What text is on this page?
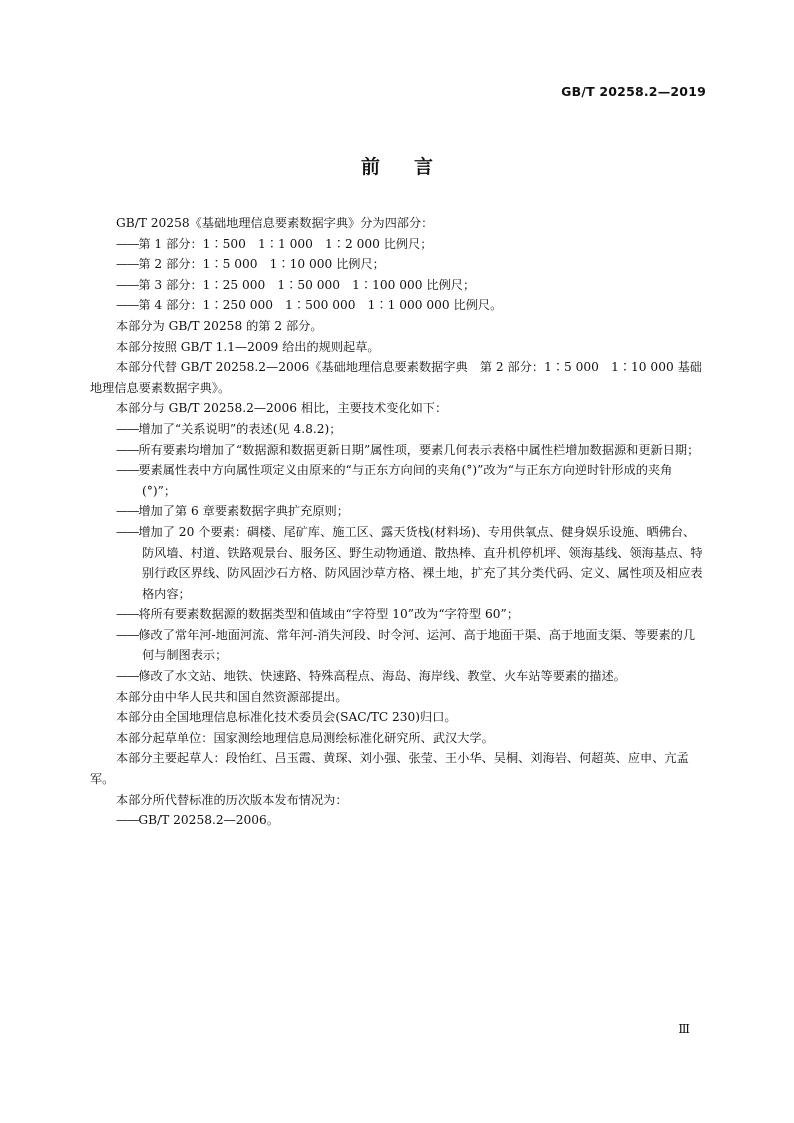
GB/T 20258.2—2019
前言

GB/T 20258《基础地理信息要素数据字典》分为四部分：

—— 第 1 部分：1∶500　1∶1 000　1∶2 000 比例尺；

—— 第 2 部分：1∶5 000　1∶10 000 比例尺；

—— 第 3 部分：1∶25 000　1∶50 000　1∶100 000 比例尺；

—— 第 4 部分：1∶250 000　1∶500 000　1∶1 000 000 比例尺。

本部分为 GB/T 20258 的第 2 部分。

本部分按照 GB/T 1.1—2009 给出的规则起草。

本部分代替 GB/T 20258.2—2006《基础地理信息要素数据字典　第 2 部分：1∶5 000　1∶10 000 基础地理信息要素数据字典》。

本部分与 GB/T 20258.2—2006 相比，主要技术变化如下：

—— 增加了“关系说明”的表述(见 4.8.2)；

—— 所有要素均增加了“数据源和数据更新日期”属性项，要素几何表示表格中属性栏增加数据源和更新日期；

—— 要素属性表中方向属性项定义由原来的“与正东方向间的夹角(°)”改为“与正东方向逆时针形成的夹角(°)”；

—— 增加了第 6 章要素数据字典扩充原则；

—— 增加了 20 个要素：碉楼、尾矿库、施工区、露天货栈(材料场)、专用供氧点、健身娱乐设施、晒佛台、防风墙、村道、铁路观景台、服务区、野生动物通道、散热棒、直升机停机坪、领海基线、领海基点、特别行政区界线、防风固沙石方格、防风固沙草方格、裸土地，扩充了其分类代码、定义、属性项及相应表格内容；

—— 将所有要素数据源的数据类型和值域由“字符型 10”改为“字符型 60”；

—— 修改了常年河-地面河流、常年河-消失河段、时令河、运河、高于地面干渠、高于地面支渠、等要素的几何与制图表示；

—— 修改了水文站、地铁、快速路、特殊高程点、海岛、海岸线、教堂、火车站等要素的描述。

本部分由中华人民共和国自然资源部提出。

本部分由全国地理信息标准化技术委员会(SAC/TC 230)归口。

本部分起草单位：国家测绘地理信息局测绘标准化研究所、武汉大学。

本部分主要起草人：段怡红、吕玉霞、黄琛、刘小强、张莹、王小华、吴桐、刘海岩、何超英、应申、亢孟军。

本部分所代替标准的历次版本发布情况为：

—— GB/T 20258.2—2006。

Ⅲ
